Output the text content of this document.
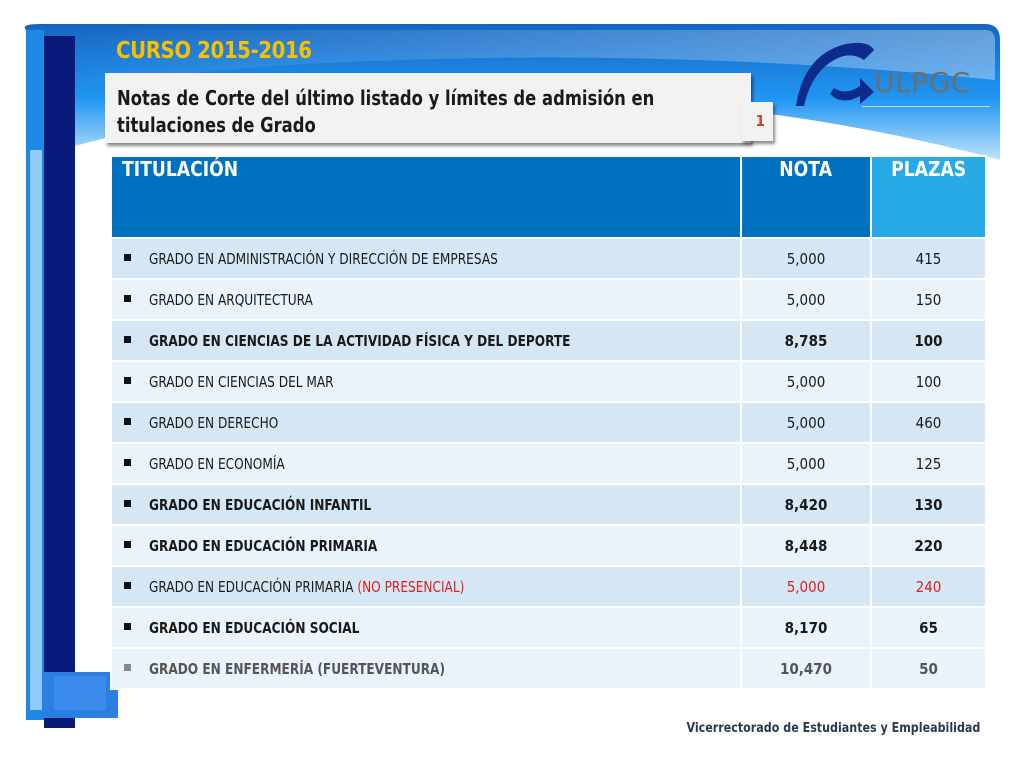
CURSO 2015-2016

Notas de Corte del último listado y límites de admisión en titulaciones de Grado	1
ULPGC
TITULACIÓN	NOTA	PLAZAS
GRADO EN ADMINISTRACIÓN Y DIRECCIÓN DE EMPRESAS	5,000	415
GRADO EN ARQUITECTURA	5,000	150
GRADO EN CIENCIAS DE LA ACTIVIDAD FÍSICA Y DEL DEPORTE	8,785	100
GRADO EN CIENCIAS DEL MAR	5,000	100
GRADO EN DERECHO	5,000	460
GRADO EN ECONOMÍA	5,000	125
GRADO EN EDUCACIÓN INFANTIL	8,420	130
GRADO EN EDUCACIÓN PRIMARIA	8,448	220
GRADO EN EDUCACIÓN PRIMARIA (NO PRESENCIAL)	5,000	240
GRADO EN EDUCACIÓN SOCIAL	8,170	65
GRADO EN ENFERMERÍA (FUERTEVENTURA)	10,470	50
Vicerrectorado de Estudiantes y Empleabilidad
